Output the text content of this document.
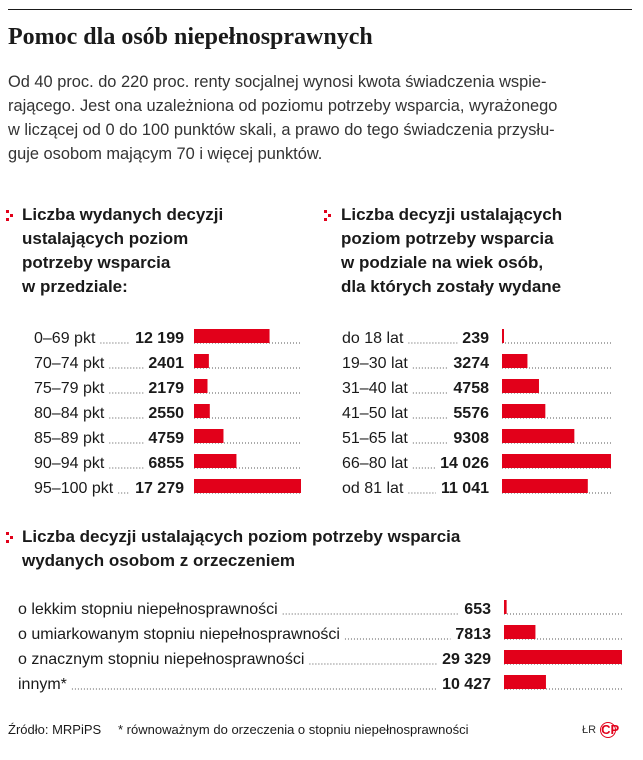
Pomoc dla osób niepełnosprawnych
Od 40 proc. do 220 proc. renty socjalnej wynosi kwota świadczenia wspie-
rającego. Jest ona uzależniona od poziomu potrzeby wsparcia, wyrażonego
w liczącej od 0 do 100 punktów skali, a prawo do tego świadczenia przysłu-
guje osobom mającym 70 i więcej punktów.
Liczba wydanych decyzji
ustalających poziom
potrzeby wsparcia
w przedziale:
0–69 pkt 12 199
70–74 pkt	2401
75–79 pkt	2179
80–84 pkt	2550
85–89 pkt	4759
90–94 pkt	6855
95–100 pkt 17 279
Liczba decyzji ustalających
poziom potrzeby wsparcia
w podziale na wiek osób,
dla których zostały wydane
do 18 lat	239
19–30 lat	3274
31–40 lat	4758
41–50 lat	5576
51–65 lat	9308
66–80 lat 14 026
od 81 lat 11 041
Liczba decyzji ustalających poziom potrzeby wsparcia
wydanych osobom z orzeczeniem
o lekkim stopniu niepełnosprawności	653
o umiarkowanym stopniu niepełnosprawności	7813
o znacznym stopniu niepełnosprawności	29 329
innym*	10 427
Źródło: MRPiPS * równoważnym do orzeczenia o stopniu niepełnosprawności	ŁR CP
